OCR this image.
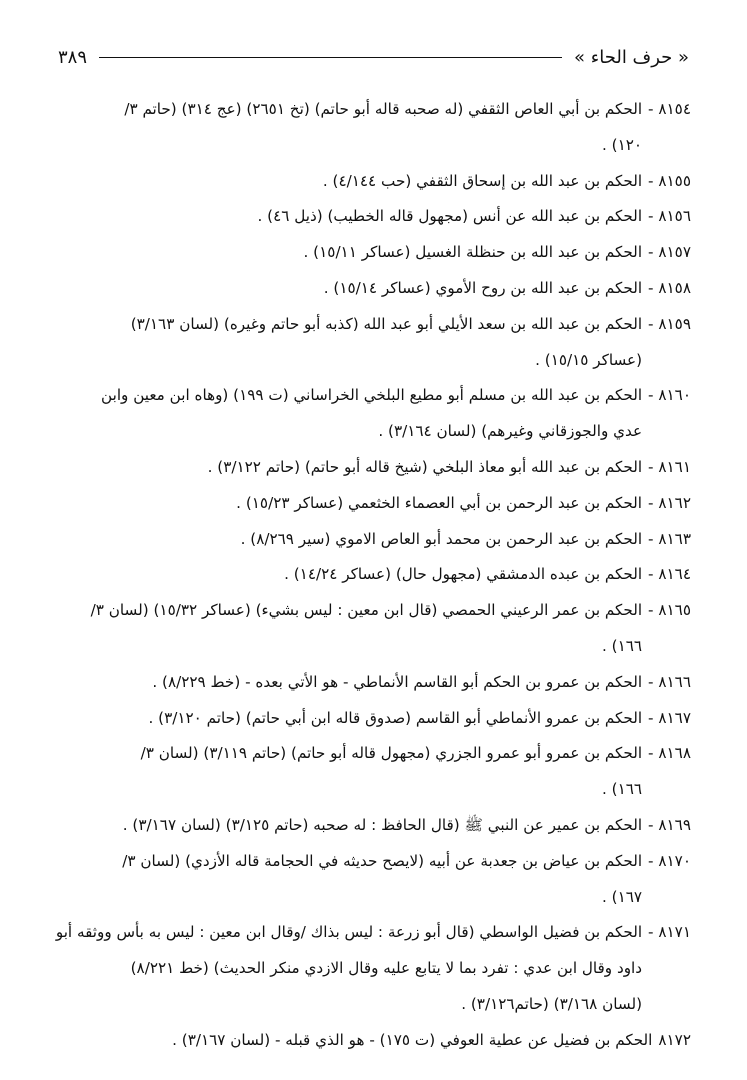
« حرف الحاء »
٣٨٩
٨١٥٤ -
الحكم بن أبي العاص الثقفي (له صحبه قاله أبو حاتم) (تخ ٢٦٥١) (عج ٣١٤) (حاتم ٣/
١٢٠) .
٨١٥٥ -
الحكم بن عبد الله بن إسحاق الثقفي (حب ٤/١٤٤) .
٨١٥٦ -
الحكم بن عبد الله عن أنس (مجهول قاله الخطيب) (ذيل ٤٦) .
٨١٥٧ -
الحكم بن عبد الله بن حنظلة الغسيل (عساكر ١٥/١١) .
٨١٥٨ -
الحكم بن عبد الله بن روح الأموي (عساكر ١٥/١٤) .
٨١٥٩ -
الحكم بن عبد الله بن سعد الأيلي أبو عبد الله (كذبه أبو حاتم وغيره) (لسان ٣/١٦٣)
(عساكر ١٥/١٥) .
٨١٦٠ -
الحكم بن عبد الله بن مسلم أبو مطيع البلخي الخراساني (ت ١٩٩) (وهاه ابن معين وابن
عدي والجوزقاني وغيرهم) (لسان ٣/١٦٤) .
٨١٦١ -
الحكم بن عبد الله أبو معاذ البلخي (شيخ قاله أبو حاتم) (حاتم ٣/١٢٢) .
٨١٦٢ -
الحكم بن عبد الرحمن بن أبي العصماء الخثعمي (عساكر ١٥/٢٣) .
٨١٦٣ -
الحكم بن عبد الرحمن بن محمد أبو العاص الاموي (سير ٨/٢٦٩) .
٨١٦٤ -
الحكم بن عبده الدمشقي (مجهول حال) (عساكر ١٤/٢٤) .
٨١٦٥ -
الحكم بن عمر الرعيني الحمصي (قال ابن معين : ليس بشيء) (عساكر ١٥/٣٢) (لسان ٣/
١٦٦) .
٨١٦٦ -
الحكم بن عمرو بن الحكم أبو القاسم الأنماطي - هو الأتي بعده - (خط ٨/٢٢٩) .
٨١٦٧ -
الحكم بن عمرو الأنماطي أبو القاسم (صدوق قاله ابن أبي حاتم) (حاتم ٣/١٢٠) .
٨١٦٨ -
الحكم بن عمرو أبو عمرو الجزري (مجهول قاله أبو حاتم) (حاتم ٣/١١٩) (لسان ٣/
١٦٦) .
٨١٦٩ -
الحكم بن عمير عن النبي ﷺ (قال الحافظ : له صحبه (حاتم ٣/١٢٥) (لسان ٣/١٦٧) .
٨١٧٠ -
الحكم بن عياض بن جعدبة عن أبيه (لايصح حديثه في الحجامة قاله الأزدي) (لسان ٣/
١٦٧) .
٨١٧١ -
الحكم بن فضيل الواسطي (قال أبو زرعة : ليس بذاك /وقال ابن معين : ليس به بأس ووثقه أبو
داود وقال ابن عدي : تفرد بما لا يتابع عليه وقال الازدي منكر الحديث) (خط ٨/٢٢١)
(لسان ٣/١٦٨) (حاتم٣/١٢٦) .
٨١٧٢
الحكم بن فضيل عن عطية العوفي (ت ١٧٥) - هو الذي قبله - (لسان ٣/١٦٧) .
